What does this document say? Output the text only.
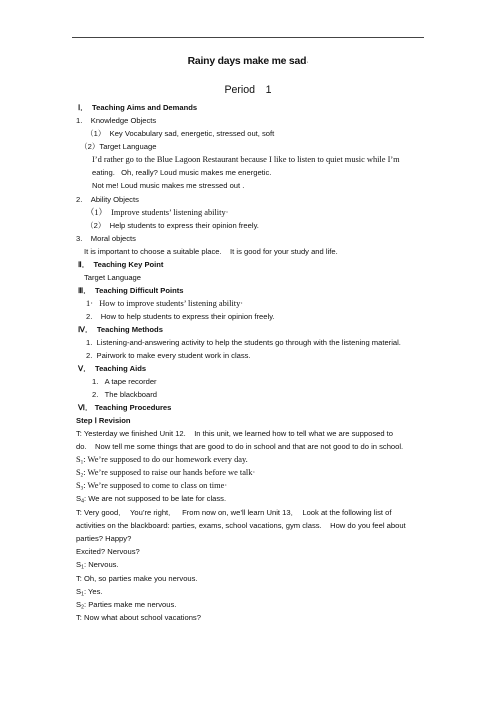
Rainy days make me sad·
Period　1
Ⅰ．  Teaching Aims and Demands
1.    Knowledge Objects
（1）  Key Vocabulary sad, energetic, stressed out, soft
（2）Target Language
I’d rather go to the Blue Lagoon Restaurant because I like to listen to quiet music while I’m
eating.   Oh, really? Loud music makes me energetic.
Not me! Loud music makes me stressed out .
2.    Ability Objects
（1）  Improve students’ listening ability·
（2）  Help students to express their opinion freely.
3.    Moral objects
It is important to choose a suitable place.    It is good for your study and life.
Ⅱ．  Teaching Key Point
Target Language
Ⅲ．  Teaching Difficult Points
1·   How to improve students’ listening ability·
2.    How to help students to express their opinion freely.
Ⅳ．  Teaching Methods
1.  Listening-and-answering activity to help the students go through with the listening material.
2.  Pairwork to make every student work in class.
Ⅴ．  Teaching Aids
1.   A tape recorder
2.   The blackboard
Ⅵ． Teaching Procedures
Step Ⅰ Revision
T: Yesterday we finished Unit 12.    In this unit, we learned how to tell what we are supposed to
do.    Now tell me some things that are good to do in school and that are not good to do in school.
$S_1$: We’re supposed to do our homework every day.
$S_2$: We’re supposed to raise our hands before we talk·
$S_3$: We’re supposed to come to class on time·
$S_4$: We are not supposed to be late for class.
T: Very good．  You’re right．   From now on, we’ll learn Unit 13．  Look at the following list of
activities on the blackboard: parties, exams, school vacations, gym class.    How do you feel about
parties? Happy?
Excited? Nervous?
$S_1$: Nervous.
T: Oh, so parties make you nervous.
$S_1$: Yes.
$S_2$: Parties make me nervous.
T: Now what about school vacations?
